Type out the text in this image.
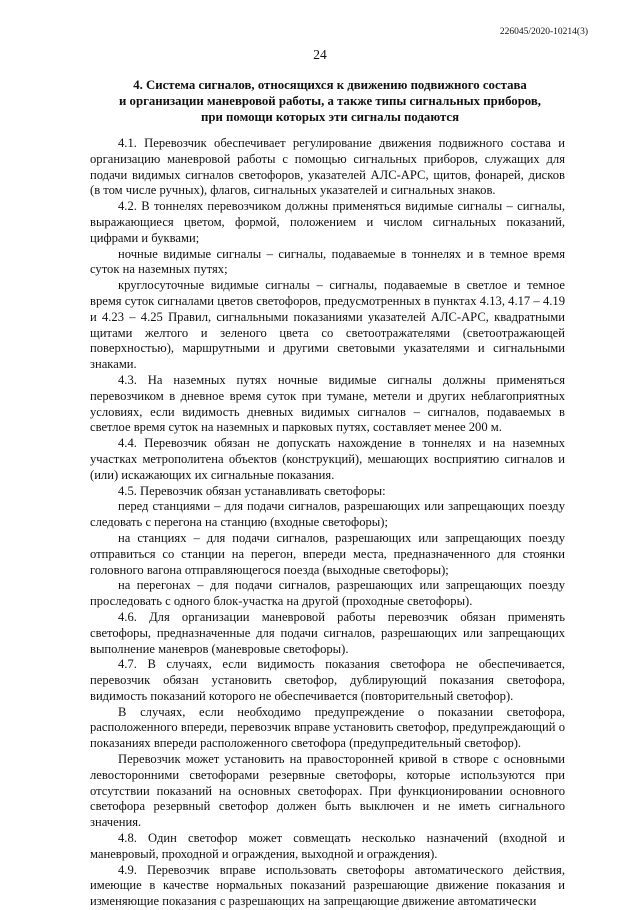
226045/2020-10214(3)
24
4. Система сигналов, относящихся к движению подвижного состава
и организации маневровой работы, а также типы сигнальных приборов,
при помощи которых эти сигналы подаются

4.1. Перевозчик обеспечивает регулирование движения подвижного состава и организацию маневровой работы с помощью сигнальных приборов, служащих для подачи видимых сигналов светофоров, указателей АЛС-АРС, щитов, фонарей, дисков (в том числе ручных), флагов, сигнальных указателей и сигнальных знаков.

4.2. В тоннелях перевозчиком должны применяться видимые сигналы – сигналы, выражающиеся цветом, формой, положением и числом сигнальных показаний, цифрами и буквами;

ночные видимые сигналы – сигналы, подаваемые в тоннелях и в темное время суток на наземных путях;

круглосуточные видимые сигналы – сигналы, подаваемые в светлое и темное время суток сигналами цветов светофоров, предусмотренных в пунктах 4.13, 4.17 – 4.19 и 4.23 – 4.25 Правил, сигнальными показаниями указателей АЛС-АРС, квадратными щитами желтого и зеленого цвета со светоотражателями (светоотражающей поверхностью), маршрутными и другими световыми указателями и сигнальными знаками.

4.3. На наземных путях ночные видимые сигналы должны применяться перевозчиком в дневное время суток при тумане, метели и других неблагоприятных условиях, если видимость дневных видимых сигналов – сигналов, подаваемых в светлое время суток на наземных и парковых путях, составляет менее 200 м.

4.4. Перевозчик обязан не допускать нахождение в тоннелях и на наземных участках метрополитена объектов (конструкций), мешающих восприятию сигналов и (или) искажающих их сигнальные показания.

4.5. Перевозчик обязан устанавливать светофоры:

перед станциями – для подачи сигналов, разрешающих или запрещающих поезду следовать с перегона на станцию (входные светофоры);

на станциях – для подачи сигналов, разрешающих или запрещающих поезду отправиться со станции на перегон, впереди места, предназначенного для стоянки головного вагона отправляющегося поезда (выходные светофоры);

на перегонах – для подачи сигналов, разрешающих или запрещающих поезду проследовать с одного блок-участка на другой (проходные светофоры).

4.6. Для организации маневровой работы перевозчик обязан применять светофоры, предназначенные для подачи сигналов, разрешающих или запрещающих выполнение маневров (маневровые светофоры).

4.7. В случаях, если видимость показания светофора не обеспечивается, перевозчик обязан установить светофор, дублирующий показания светофора, видимость показаний которого не обеспечивается (повторительный светофор).

В случаях, если необходимо предупреждение о показании светофора, расположенного впереди, перевозчик вправе установить светофор, предупреждающий о показаниях впереди расположенного светофора (предупредительный светофор).

Перевозчик может установить на правосторонней кривой в створе с основными левосторонними светофорами резервные светофоры, которые используются при отсутствии показаний на основных светофорах. При функционировании основного светофора резервный светофор должен быть выключен и не иметь сигнального значения.

4.8. Один светофор может совмещать несколько назначений (входной и маневровый, проходной и ограждения, выходной и ограждения).

4.9. Перевозчик вправе использовать светофоры автоматического действия, имеющие в качестве нормальных показаний разрешающие движение показания и изменяющие показания с разрешающих на запрещающие движение автоматически
